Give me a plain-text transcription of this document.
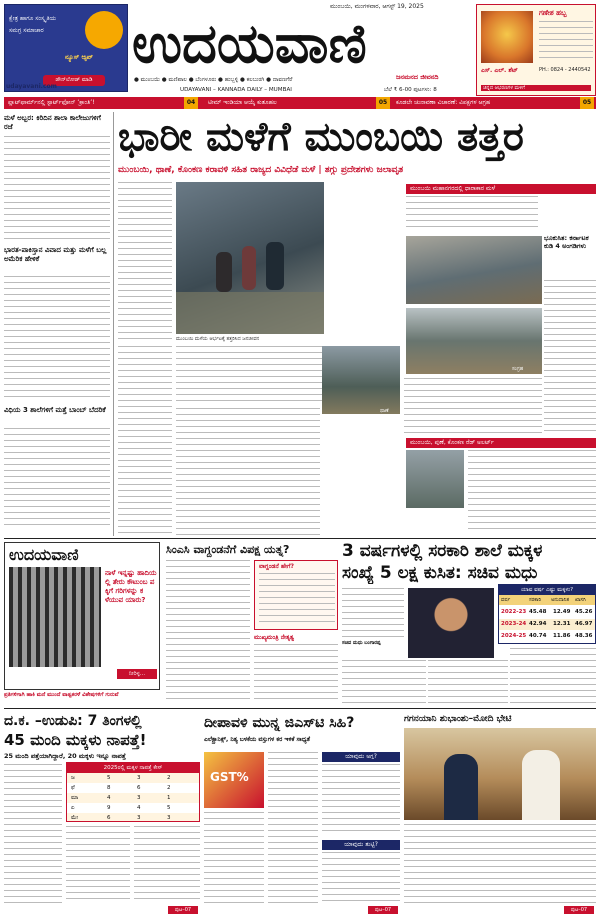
ಕ್ಷೇತ್ರ ಹಾಗೂ ಸಂಸ್ಕೃತಿಯ
ಸಮಗ್ರ ಸಮಾಚಾರ
ನ್ಯೂಸ್ ಆ್ಯಪ್
ಡೌನ್‌ಲೋಡ್ ಮಾಡಿ
udayavani.com
ಉದಯವಾಣಿ
ಮುಂಬಯಿ, ಮಂಗಳವಾರ, ಆಗಸ್ಟ್ 19, 2025
ಜನಮನದ ಜೀವನದಿ
● ಮುಂಬಯಿ ● ಮಣಿಪಾಲ ● ಬೆಂಗಳೂರು ● ಹುಬ್ಬಳ್ಳಿ ● ಕಲಬುರಗಿ ● ದಾವಣಗೆರೆ
UDAYAVANI – KANNADA DAILY – MUMBAI	ಬೆಲೆ ₹ 6-00 ಪುಟಗಳು: 8
ಗಣೇಶ ಹಬ್ಬ
ಎಸ್. ಎಲ್. ಶೆಟ್	PH.: 0824 - 2440542
ಚಿನ್ನದ ಆಭರಣಗಳ ಮಳಿಗೆ
ಪ್ಲಾಟ್‌ಫಾರ್ಮ್‌ನಲ್ಲಿ ಸ್ಟಾರ್ಟ್‌ಫೋನ್ ‘ಕ್ರಾಂತಿ’!	04	ಟೀಮ್ ಇಂಡಿಯಾ ಆಯ್ಕೆ ಕುತೂಹಲ	05	ಕೂಡಲೇ ಚುನಾವಣಾ ವಿಚಾರಣೆ: ವಿಪಕ್ಷಗಳ ಆಗ್ರಹ	05
ಮಳೆ ಅಬ್ಬರ: ಕಿರಿದಿನ ಶಾಲಾ ಕಾಲೇಜುಗಳಿಗೆ ರಜೆ
ಭಾರತ-ಪಾಕಿಸ್ತಾನ ವಿವಾದ ಮತ್ತು ಮಳೆಗೆ ಬಲ್ಲ ಅಮೆರಿಕ ಹೇಳಿಕೆ
ವಿಧಿಯ 3 ಶಾಲೆಗಳಿಗೆ ಮತ್ತೆ ಬಾಂಬ್ ಬೆದರಿಕೆ
ಭಾರೀ ಮಳೆಗೆ ಮುಂಬಯಿ ತತ್ತರ
ಮುಂಬಯಿ, ಥಾಣೆ, ಕೊಂಕಣ ಕರಾವಳಿ ಸಹಿತ ರಾಜ್ಯದ ವಿವಿಧೆಡೆ ಮಳೆ | ತಗ್ಗು ಪ್ರದೇಶಗಳು ಜಲಾವೃತ
ಮುಂಬಯಿ ಮಳೆಯ ಆರ್ಭಟಕ್ಕೆ ತತ್ತರಿಸಿದ ಜನಜೀವನ
ಥಾಣೆ
ಮುಂಬಯಿ ಮಹಾನಗರದಲ್ಲಿ ಧಾರಾಕಾರ ಮಳೆ
ಸಂಗ್ರಹ
ಭೂಕುಸಿತ: ಕರ್ನಾಟಕ ಕುಡಿ 4 ಅಂಗಡಿಗಳು
ಮುಂಬಯಿ, ಪುಣೆ, ಕೊಂಕಣ ರೆಡ್ ಅಲರ್ಟ್
ಉದಯವಾಣಿ
ನಾಳೆ ಇನ್ನಷ್ಟು ಹಾದಿಯಲ್ಲಿ ತೇರು ಕೌಟುಂಬ ಪಕ್ಕಿಗೆ ಗರಿಗಳನ್ನು ಕಳೆಯುವ ಯಾರು?
ನೀರಿಳ್ಳ...
ಪ್ರತಿಗಳಿಗಾಗಿ ಹಾಕಿ ಮನೆ ಮುಂದೆ ವಾತ್ವಕರಳೆ ವಿಶೇಷಗಳಿಗೆ ಗುರುವೆ
ಸಿಂಎಸಿ ವಾಗ್ದಂಡನೆಗೆ ವಿಪಕ್ಷ ಯತ್ನ?
ವಾಗ್ದಂಡನೆ ಹೇಗೆ?
ಮುಖ್ಯಮಂತ್ರಿ ನೇತೃತ್ವ
3 ವರ್ಷಗಳಲ್ಲಿ ಸರಕಾರಿ ಶಾಲೆ ಮಕ್ಕಳ
ಸಂಖ್ಯೆ 5 ಲಕ್ಷ ಕುಸಿತ: ಸಚಿವ ಮಧು
ಸಚಿವ ಮಧು ಬಂಗಾರಪ್ಪ
ಯಾವ ವರ್ಷ ಎಷ್ಟು ಮಕ್ಕಳು?
ವರ್ಷ	ಸರಕಾರಿ ಅನುದಾನಿತ ಖಾಸಗಿ
2022-23 45.48 12.49 45.26
2023-24 42.94 12.31 46.97
2024-25 40.74 11.86 48.36
ದ.ಕ. –ಉಡುಪಿ: 7 ತಿಂಗಳಲ್ಲಿ
45 ಮಂದಿ ಮಕ್ಕಳು ನಾಪತ್ತೆ!
25 ಮಂದಿ ಪತ್ತೆಯಾಗಿದ್ದಾರೆ, 20 ಮಕ್ಕಳು ಇನ್ನೂ ನಾಪತ್ತೆ
2025ರಲ್ಲಿ ಮಕ್ಕಳ ನಾಪತ್ತೆ ಕೇಸ್
ಜ	5	3	2
ಫೆ	8	6	2
ಮಾ	4	3	1
ಏ	9	4	5
ಮೇ	6	3	3
ದೀಪಾವಳಿ ಮುನ್ನ ಜಿಎಸ್‌ಟಿ ಸಿಹಿ?
ಎಲೆಕ್ಟ್ರಾನಿಕ್ಸ್, ನಿತ್ಯ ಬಳಕೆಯ ವಸ್ತುಗಳ ಕರ ಇಳಿಕೆ ಸಾಧ್ಯತೆ
GST%
ಯಾವುದು ಅಗ್ಗ?
ಯಾವುದು ತುಟ್ಟಿ?
ಗಗನಯಾನಿ ಶುಭಾಂಶು–ಮೋದಿ ಭೇಟಿ
ಪುಟ–07	ಪುಟ–07	ಪುಟ–07
